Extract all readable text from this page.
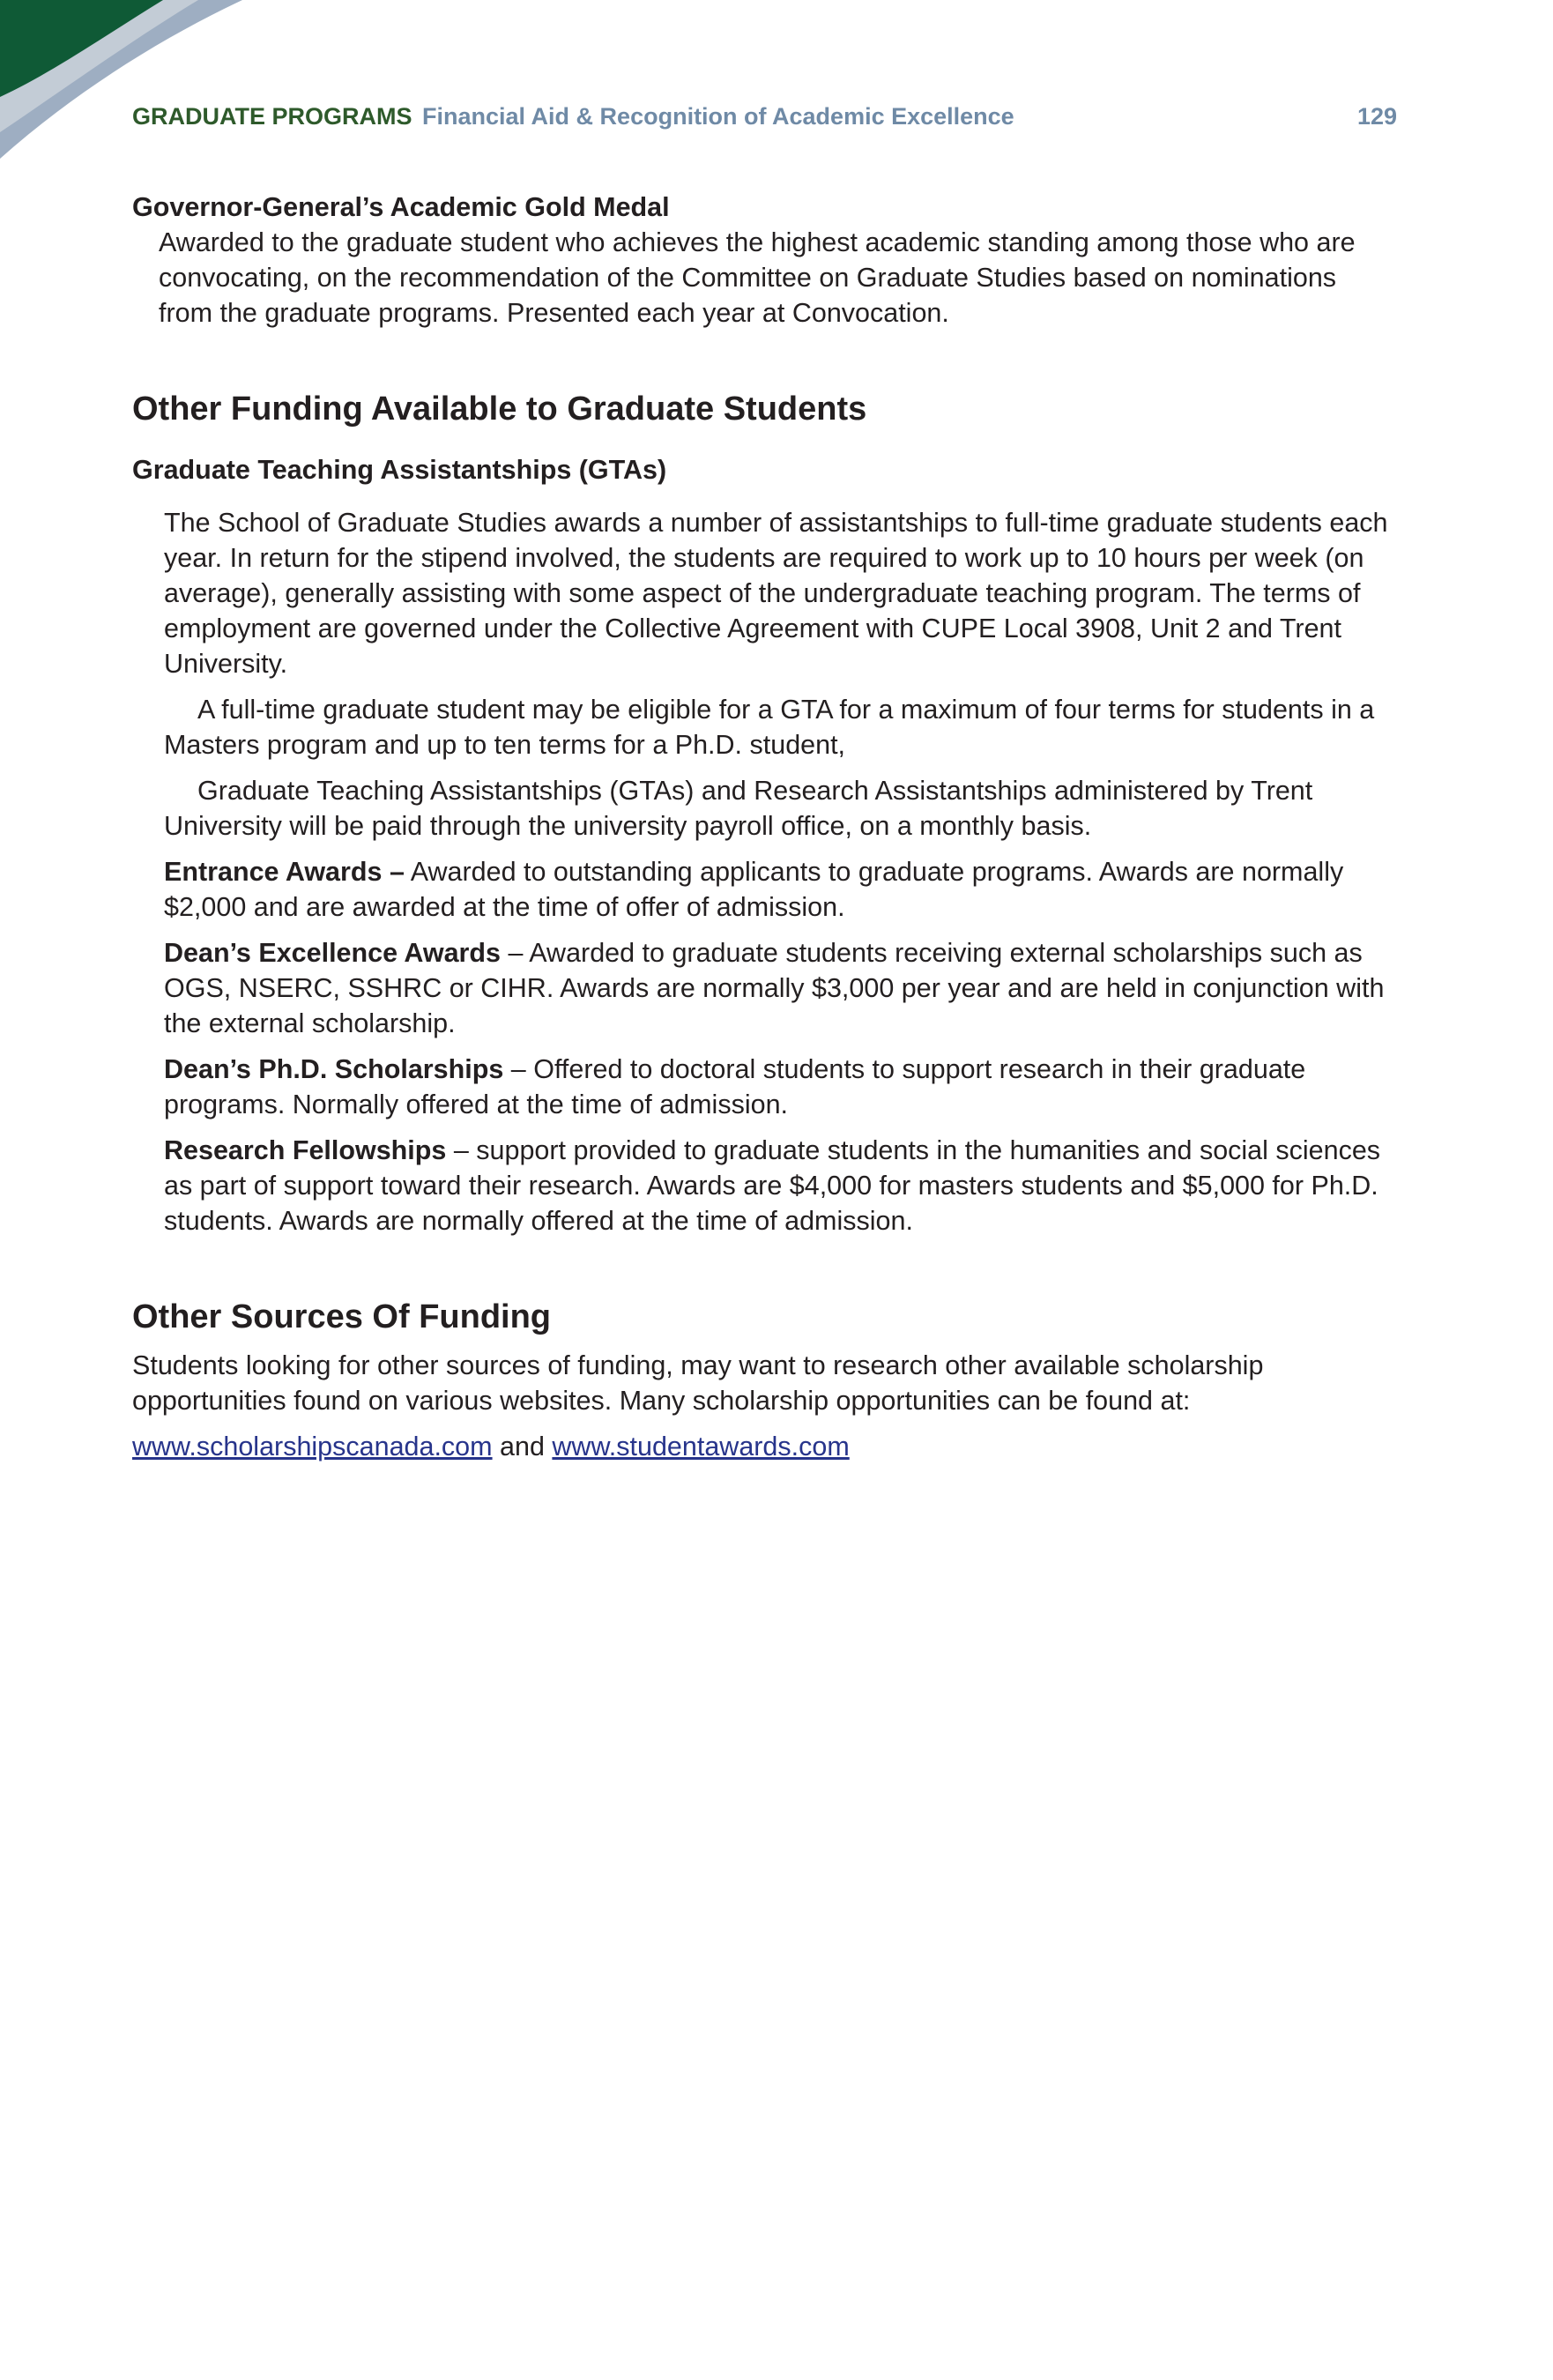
GRADUATE PROGRAMS Financial Aid & Recognition of Academic Excellence	129

Governor-General’s Academic Gold Medal

Awarded to the graduate student who achieves the highest academic standing among those who are convocating, on the recommendation of the Committee on Graduate Studies based on nominations from the graduate programs. Presented each year at Convocation.

Other Funding Available to Graduate Students

Graduate Teaching Assistantships (GTAs)

The School of Graduate Studies awards a number of assistantships to full-time graduate students each year. In return for the stipend involved, the students are required to work up to 10 hours per week (on average), generally assisting with some aspect of the undergraduate teaching program. The terms of employment are governed under the Collective Agreement with CUPE Local 3908, Unit 2 and Trent University.

A full-time graduate student may be eligible for a GTA for a maximum of four terms for students in a Masters program and up to ten terms for a Ph.D. student,

Graduate Teaching Assistantships (GTAs) and Research Assistantships administered by Trent University will be paid through the university payroll office, on a monthly basis.

Entrance Awards – Awarded to outstanding applicants to graduate programs. Awards are normally $2,000 and are awarded at the time of offer of admission.

Dean’s Excellence Awards – Awarded to graduate students receiving external scholarships such as OGS, NSERC, SSHRC or CIHR. Awards are normally $3,000 per year and are held in conjunction with the external scholarship.

Dean’s Ph.D. Scholarships – Offered to doctoral students to support research in their graduate programs. Normally offered at the time of admission.

Research Fellowships – support provided to graduate students in the humanities and social sciences as part of support toward their research. Awards are $4,000 for masters students and $5,000 for Ph.D. students. Awards are normally offered at the time of admission.

Other Sources Of Funding

Students looking for other sources of funding, may want to research other available scholarship opportunities found on various websites. Many scholarship opportunities can be found at:

www.scholarshipscanada.com and www.studentawards.com
